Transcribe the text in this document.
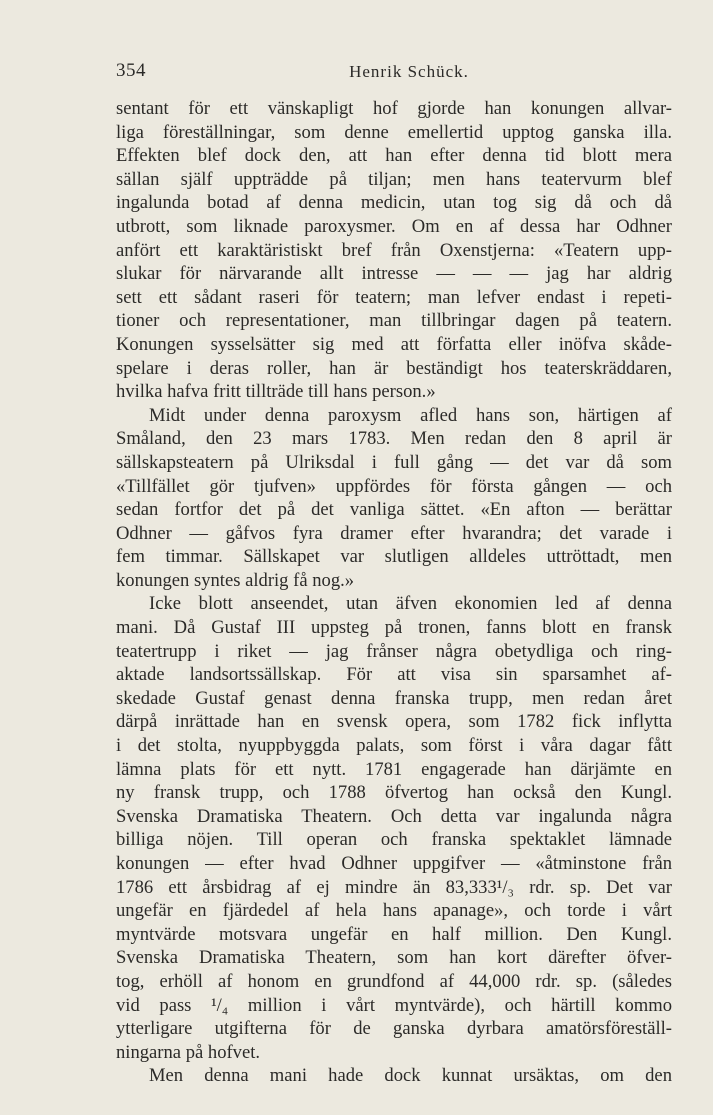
354	Henrik Schück.
sentant för ett vänskapligt hof gjorde han konungen allvar-
liga föreställningar, som denne emellertid upptog ganska illa.
Effekten blef dock den, att han efter denna tid blott mera
sällan själf uppträdde på tiljan; men hans teatervurm blef
ingalunda botad af denna medicin, utan tog sig då och då
utbrott, som liknade paroxysmer. Om en af dessa har Odhner
anfört ett karaktäristiskt bref från Oxenstjerna: «Teatern upp-
slukar för närvarande allt intresse — — — jag har aldrig
sett ett sådant raseri för teatern; man lefver endast i repeti-
tioner och representationer, man tillbringar dagen på teatern.
Konungen sysselsätter sig med att författa eller inöfva skåde-
spelare i deras roller, han är beständigt hos teaterskräddaren,
hvilka hafva fritt tillträde till hans person.»
Midt under denna paroxysm afled hans son, härtigen af
Småland, den 23 mars 1783. Men redan den 8 april är
sällskapsteatern på Ulriksdal i full gång — det var då som
«Tillfället gör tjufven» uppfördes för första gången — och
sedan fortfor det på det vanliga sättet. «En afton — berättar
Odhner — gåfvos fyra dramer efter hvarandra; det varade i
fem timmar. Sällskapet var slutligen alldeles uttröttadt, men
konungen syntes aldrig få nog.»
Icke blott anseendet, utan äfven ekonomien led af denna
mani. Då Gustaf III uppsteg på tronen, fanns blott en fransk
teatertrupp i riket — jag frånser några obetydliga och ring-
aktade landsortssällskap. För att visa sin sparsamhet af-
skedade Gustaf genast denna franska trupp, men redan året
därpå inrättade han en svensk opera, som 1782 fick inflytta
i det stolta, nyuppbyggda palats, som först i våra dagar fått
lämna plats för ett nytt. 1781 engagerade han därjämte en
ny fransk trupp, och 1788 öfvertog han också den Kungl.
Svenska Dramatiska Theatern. Och detta var ingalunda några
billiga nöjen. Till operan och franska spektaklet lämnade
konungen — efter hvad Odhner uppgifver — «åtminstone från
1786 ett årsbidrag af ej mindre än 83,333¹/₃ rdr. sp. Det var
ungefär en fjärdedel af hela hans apanage», och torde i vårt
myntvärde motsvara ungefär en half million. Den Kungl.
Svenska Dramatiska Theatern, som han kort därefter öfver-
tog, erhöll af honom en grundfond af 44,000 rdr. sp. (således
vid pass ¹/₄ million i vårt myntvärde), och härtill kommo
ytterligare utgifterna för de ganska dyrbara amatörsföreställ-
ningarna på hofvet.
Men denna mani hade dock kunnat ursäktas, om den
